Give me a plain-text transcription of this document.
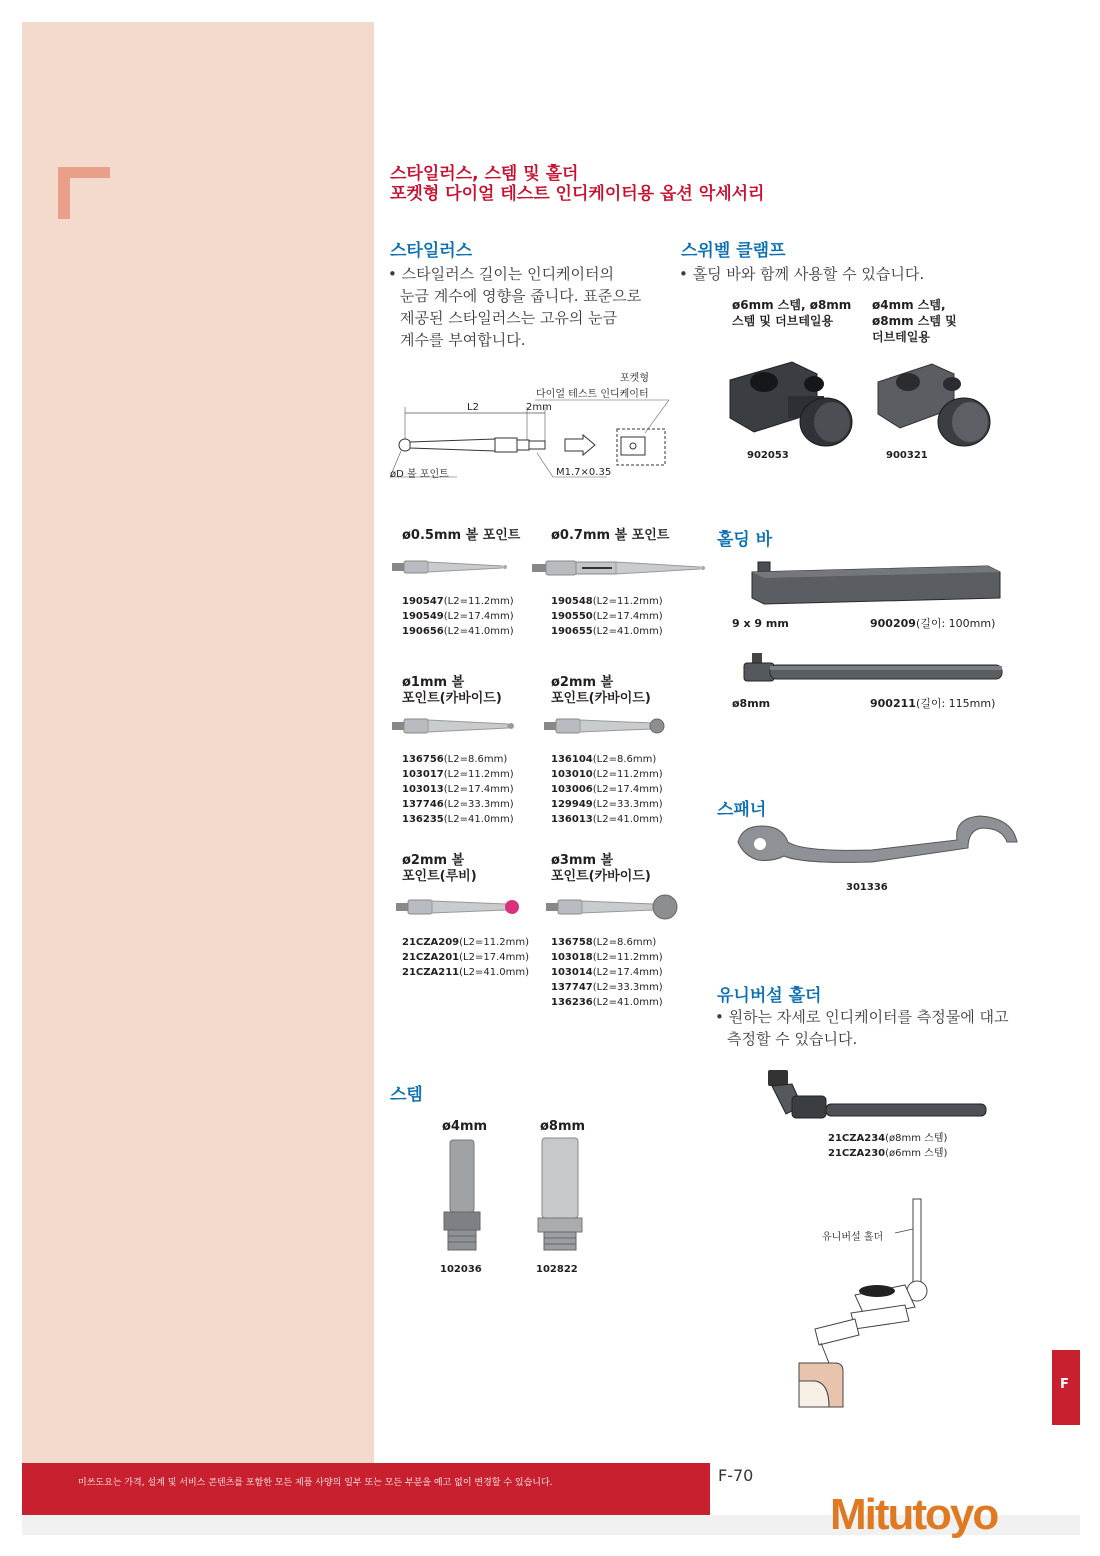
스타일러스, 스템 및 홀더
포켓형 다이얼 테스트 인디케이터용 옵션 악세서리
스타일러스
• 스타일러스 길이는 인디케이터의
눈금 계수에 영향을 줍니다. 표준으로
제공된 스타일러스는 고유의 눈금
계수를 부여합니다.
포켓형
다이얼 테스트 인디케이터
L2	2mm
øD 볼 포인트	M1.7×0.35
ø0.5mm 볼 포인트
190547(L2=11.2mm)
190549(L2=17.4mm)
190656(L2=41.0mm)
ø0.7mm 볼 포인트
190548(L2=11.2mm)
190550(L2=17.4mm)
190655(L2=41.0mm)
ø1mm 볼
포인트(카바이드)
136756(L2=8.6mm)
103017(L2=11.2mm)
103013(L2=17.4mm)
137746(L2=33.3mm)
136235(L2=41.0mm)
ø2mm 볼
포인트(카바이드)
136104(L2=8.6mm)
103010(L2=11.2mm)
103006(L2=17.4mm)
129949(L2=33.3mm)
136013(L2=41.0mm)
ø2mm 볼
포인트(루비)
21CZA209(L2=11.2mm)
21CZA201(L2=17.4mm)
21CZA211(L2=41.0mm)
ø3mm 볼
포인트(카바이드)
136758(L2=8.6mm)
103018(L2=11.2mm)
103014(L2=17.4mm)
137747(L2=33.3mm)
136236(L2=41.0mm)
스템
ø4mm	ø8mm
102036	102822
스위벨 클램프
• 홀딩 바와 함께 사용할 수 있습니다.
ø6mm 스템, ø8mm
스템 및 더브테일용
ø4mm 스템,
ø8mm 스템 및
더브테일용
902053	900321
홀딩 바
9 x 9 mm	900209(길이: 100mm)
ø8mm	900211(길이: 115mm)
스패너
301336
유니버설 홀더
• 원하는 자세로 인디케이터를 측정물에 대고
측정할 수 있습니다.
21CZA234(ø8mm 스템)
21CZA230(ø6mm 스템)
유니버설 홀더
F
미쓰도요는 가격, 설계 및 서비스 콘텐츠를 포함한 모든 제품 사양의 일부 또는 모든 부분을 예고 없이 변경할 수 있습니다.	F-70
Mitutoyo
